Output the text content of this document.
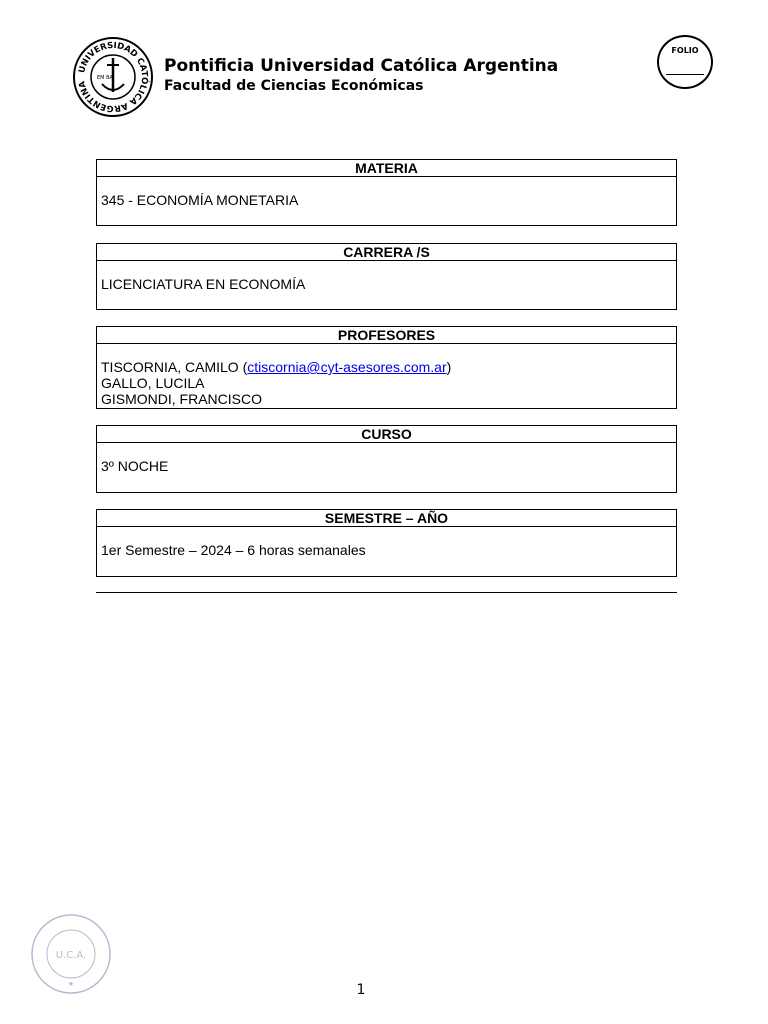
UNIVERSIDAD CATÓLICA ARGENTINA
EM BA
Pontificia Universidad Católica Argentina
Facultad de Ciencias Económicas
FOLIO
MATERIA
345 - ECONOMÍA MONETARIA
CARRERA /S
LICENCIATURA EN ECONOMÍA
PROFESORES
TISCORNIA, CAMILO (ctiscornia@cyt-asesores.com.ar)
GALLO, LUCILA
GISMONDI, FRANCISCO
CURSO
3º NOCHE
SEMESTRE – AÑO
1er Semestre – 2024 – 6 horas semanales
U.C.A.
★	1
